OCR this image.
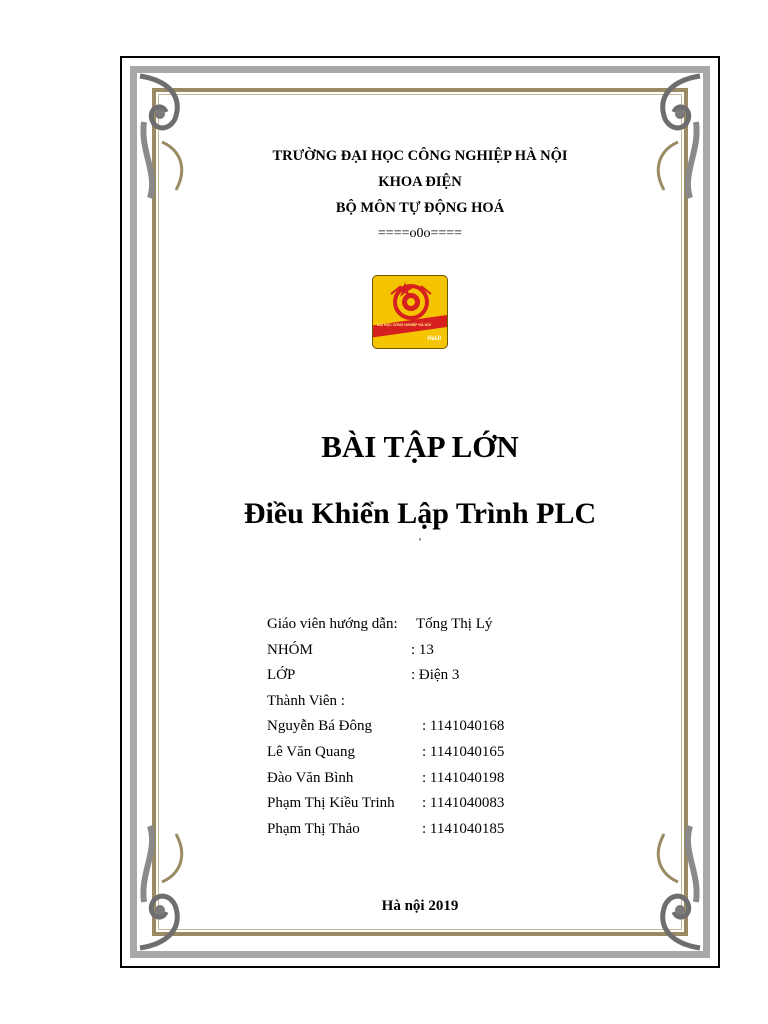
TRƯỜNG ĐẠI HỌC CÔNG NGHIỆP HÀ NỘI
KHOA ĐIỆN
BỘ MÔN TỰ ĐỘNG HOÁ
====o0o====
ĐẠI HỌC CÔNG NGHIỆP HÀ NỘI
HaUI
BÀI TẬP LỚN
Điều Khiển Lập Trình PLC
‘
Giáo viên hướng dẫn: Tống Thị Lý
NHÓM	: 13
LỚP	: Điện 3
Thành Viên :
Nguyễn Bá Đông	: 1141040168
Lê Văn Quang	: 1141040165
Đào Văn Bình	: 1141040198
Phạm Thị Kiều Trinh : 1141040083
Phạm Thị Thảo	: 1141040185
Hà nội 2019
